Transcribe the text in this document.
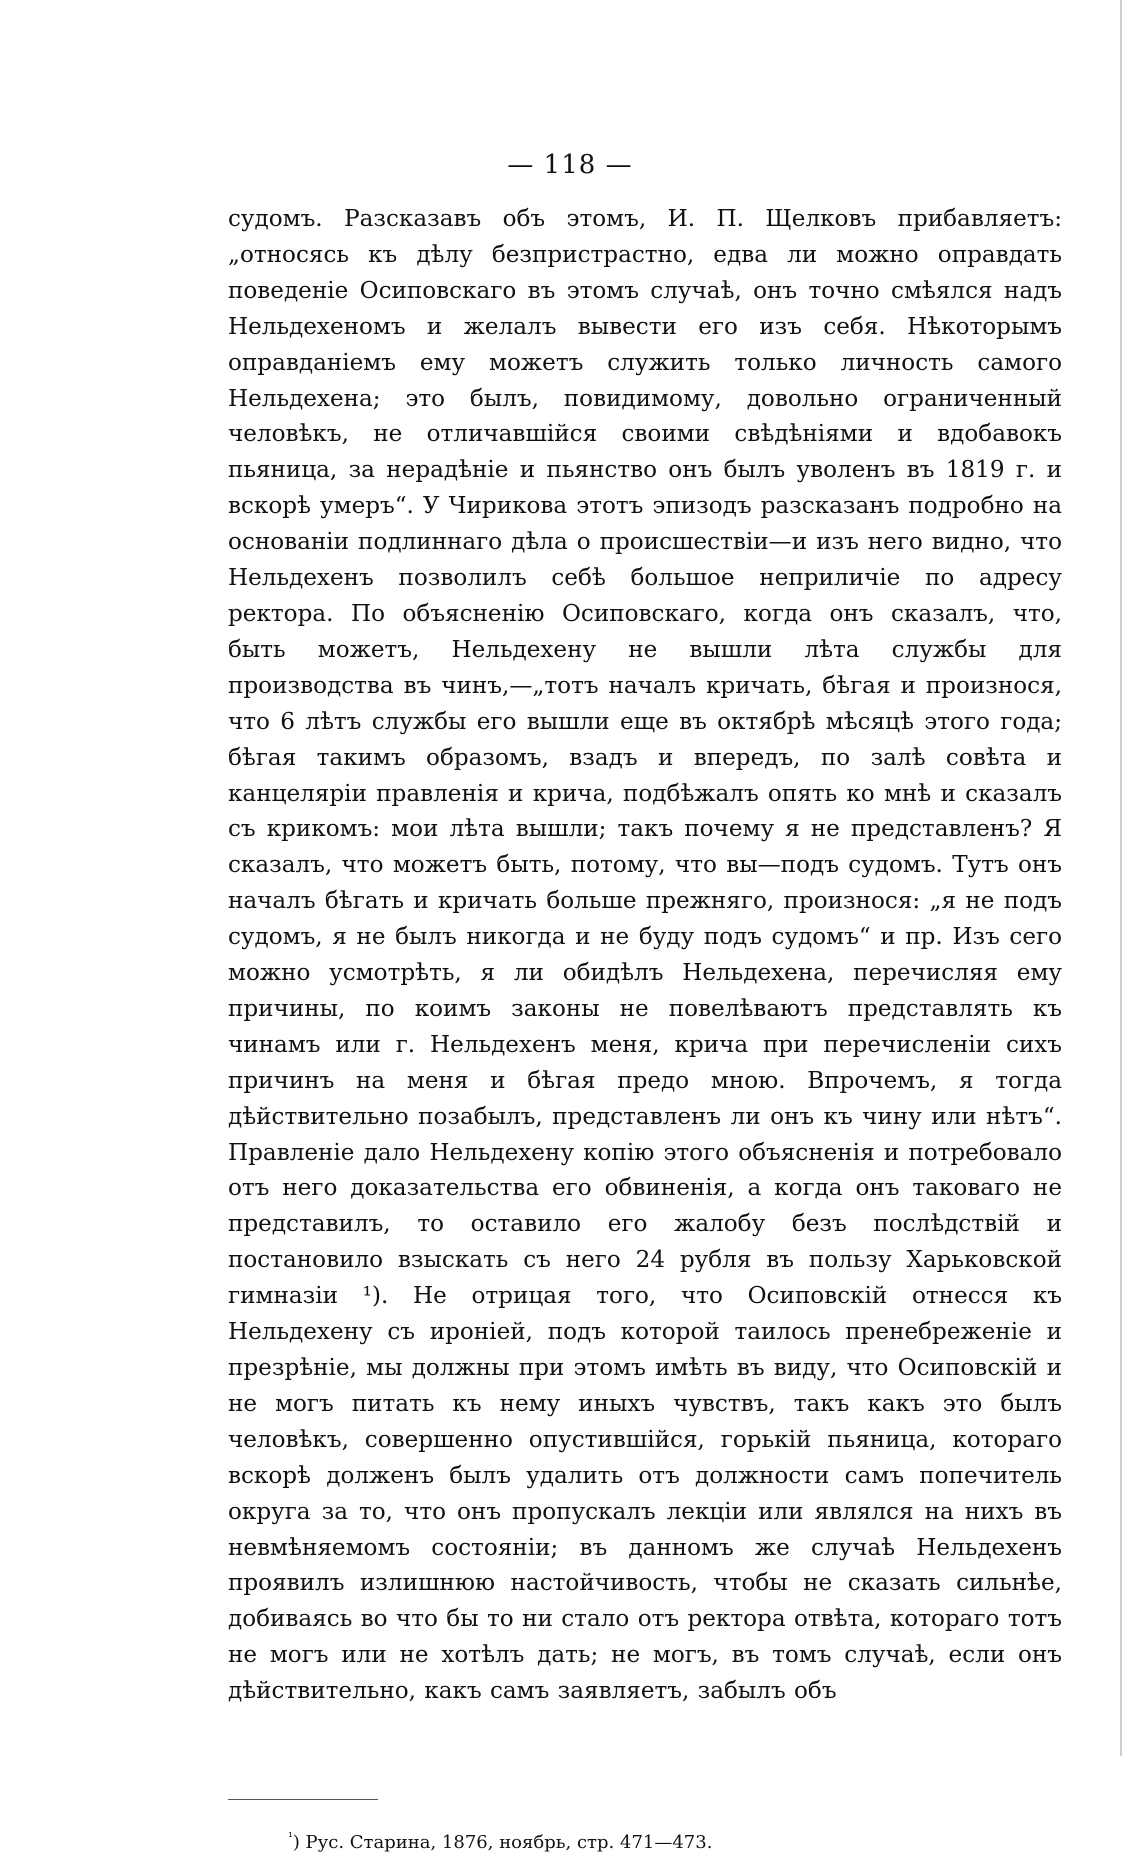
— 118 —

судомъ. Разсказавъ объ этомъ, И. П. Щелковъ прибавляетъ: „относясь къ дѣлу безпристрастно, едва ли можно оправдать поведеніе Осиповскаго въ этомъ случаѣ, онъ точно смѣялся надъ Нельдехеномъ и желалъ вывести его изъ себя. Нѣкоторымъ оправданіемъ ему можетъ служить только личность самого Нельдехена; это былъ, повидимому, довольно ограниченный человѣкъ, не отличавшійся своими свѣдѣніями и вдобавокъ пьяница, за нерадѣніе и пьянство онъ былъ уволенъ въ 1819 г. и вскорѣ умеръ“. У Чирикова этотъ эпизодъ разсказанъ подробно на основаніи подлиннаго дѣла о происшествіи—и изъ него видно, что Нельдехенъ позволилъ себѣ большое неприличіе по адресу ректора. По объясненію Осиповскаго, когда онъ сказалъ, что, быть можетъ, Нельдехену не вышли лѣта службы для производства въ чинъ,—„тотъ началъ кричать, бѣгая и произнося, что 6 лѣтъ службы его вышли еще въ октябрѣ мѣсяцѣ этого года; бѣгая такимъ образомъ, взадъ и впередъ, по залѣ совѣта и канцеляріи правленія и крича, подбѣжалъ опять ко мнѣ и сказалъ съ крикомъ: мои лѣта вышли; такъ почему я не представленъ? Я сказалъ, что можетъ быть, потому, что вы—подъ судомъ. Тутъ онъ началъ бѣгать и кричать больше прежняго, произнося: „я не подъ судомъ, я не былъ никогда и не буду подъ судомъ“ и пр. Изъ сего можно усмотрѣть, я ли обидѣлъ Нельдехена, перечисляя ему причины, по коимъ законы не повелѣваютъ представлять къ чинамъ или г. Нельдехенъ меня, крича при перечисленіи сихъ причинъ на меня и бѣгая предо мною. Впрочемъ, я тогда дѣйствительно позабылъ, представленъ ли онъ къ чину или нѣтъ“. Правленіе дало Нельдехену копію этого объясненія и потребовало отъ него доказательства его обвиненія, а когда онъ таковаго не представилъ, то оставило его жалобу безъ послѣдствій и постановило взыскать съ него 24 рубля въ пользу Харьковской гимназіи ¹). Не отрицая того, что Осиповскій отнесся къ Нельдехену съ ироніей, подъ которой таилось пренебреженіе и презрѣніе, мы должны при этомъ имѣть въ виду, что Осиповскій и не могъ питать къ нему иныхъ чувствъ, такъ какъ это былъ человѣкъ, совершенно опустившійся, горькій пьяница, котораго вскорѣ долженъ былъ удалить отъ должности самъ попечитель округа за то, что онъ пропускалъ лекціи или являлся на нихъ въ невмѣняемомъ состояніи; въ данномъ же случаѣ Нельдехенъ проявилъ излишнюю настойчивость, чтобы не сказать сильнѣе, добиваясь во что бы то ни стало отъ ректора отвѣта, котораго тотъ не могъ или не хотѣлъ дать; не могъ, въ томъ случаѣ, если онъ дѣйствительно, какъ самъ заявляетъ, забылъ объ

$^{^1}$) Рус. Старина, 1876, ноябрь, стр. 471—473.
